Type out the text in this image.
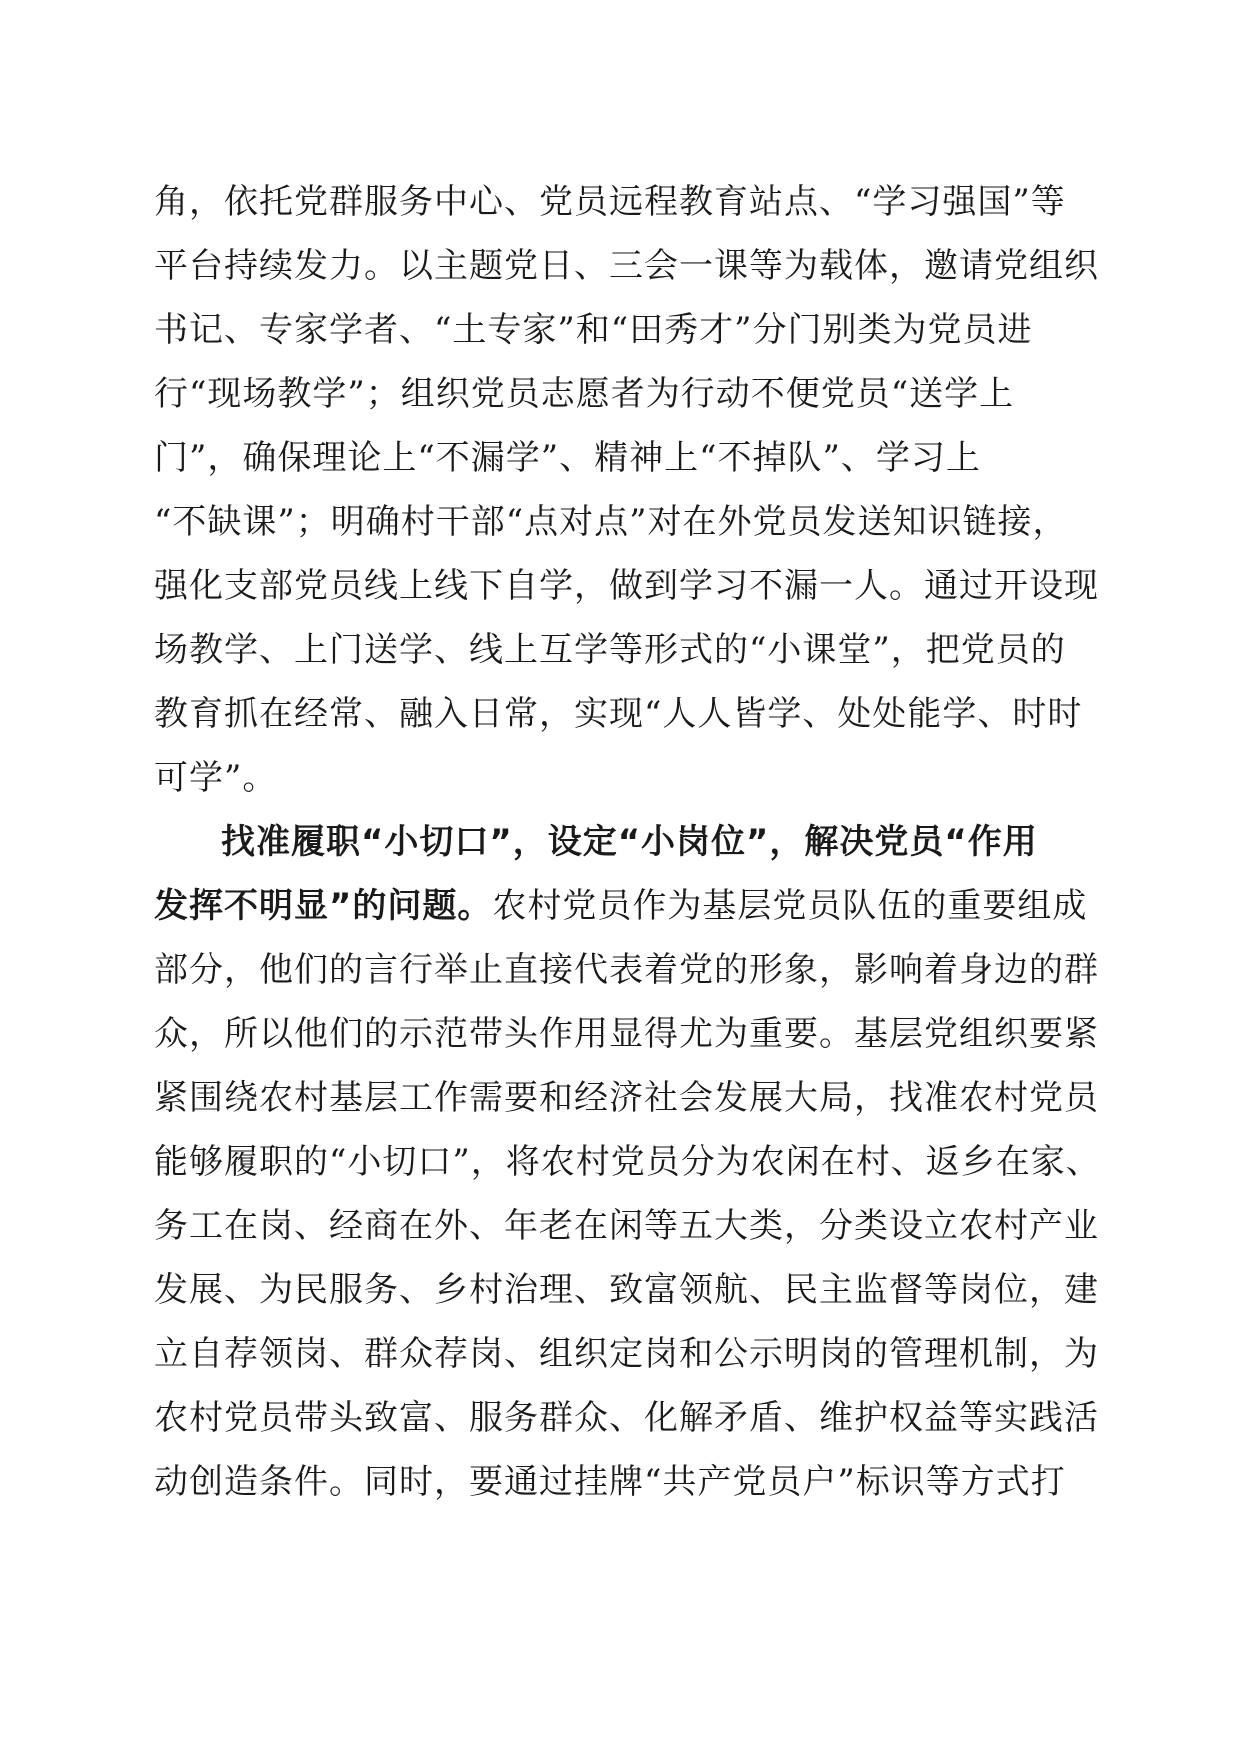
角，依托党群服务中心、党员远程教育站点、“学习强国”等
平台持续发力。以主题党日、三会一课等为载体，邀请党组织
书记、专家学者、“土专家”和“田秀才”分门别类为党员进
行“现场教学”；组织党员志愿者为行动不便党员“送学上
门”，确保理论上“不漏学”、精神上“不掉队”、学习上
“不缺课”；明确村干部“点对点”对在外党员发送知识链接，
强化支部党员线上线下自学，做到学习不漏一人。通过开设现
场教学、上门送学、线上互学等形式的“小课堂”，把党员的
教育抓在经常、融入日常，实现“人人皆学、处处能学、时时
可学”。
找准履职“小切口”，设定“小岗位”，解决党员“作用
发挥不明显”的问题。农村党员作为基层党员队伍的重要组成
部分，他们的言行举止直接代表着党的形象，影响着身边的群
众，所以他们的示范带头作用显得尤为重要。基层党组织要紧
紧围绕农村基层工作需要和经济社会发展大局，找准农村党员
能够履职的“小切口”，将农村党员分为农闲在村、返乡在家、
务工在岗、经商在外、年老在闲等五大类，分类设立农村产业
发展、为民服务、乡村治理、致富领航、民主监督等岗位，建
立自荐领岗、群众荐岗、组织定岗和公示明岗的管理机制，为
农村党员带头致富、服务群众、化解矛盾、维护权益等实践活
动创造条件。同时，要通过挂牌“共产党员户”标识等方式打
